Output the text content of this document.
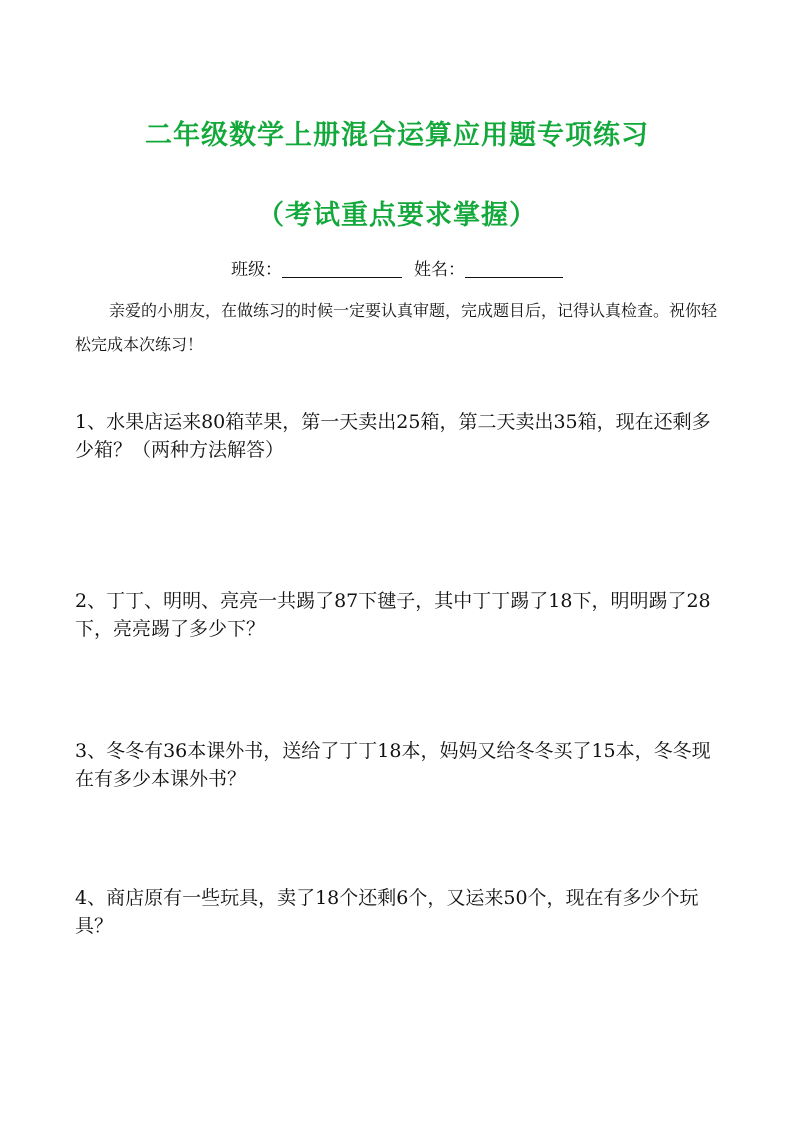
二年级数学上册混合运算应用题专项练习
（考试重点要求掌握）
班级：	姓名：
亲爱的小朋友，在做练习的时候一定要认真审题，完成题目后，记得认真检查。祝你轻松完成本次练习！
1、水果店运来80箱苹果，第一天卖出25箱，第二天卖出35箱，现在还剩多少箱？（两种方法解答）
2、丁丁、明明、亮亮一共踢了87下毽子，其中丁丁踢了18下，明明踢了28下，亮亮踢了多少下？
3、冬冬有36本课外书，送给了丁丁18本，妈妈又给冬冬买了15本，冬冬现在有多少本课外书？
4、商店原有一些玩具，卖了18个还剩6个，又运来50个，现在有多少个玩具？
